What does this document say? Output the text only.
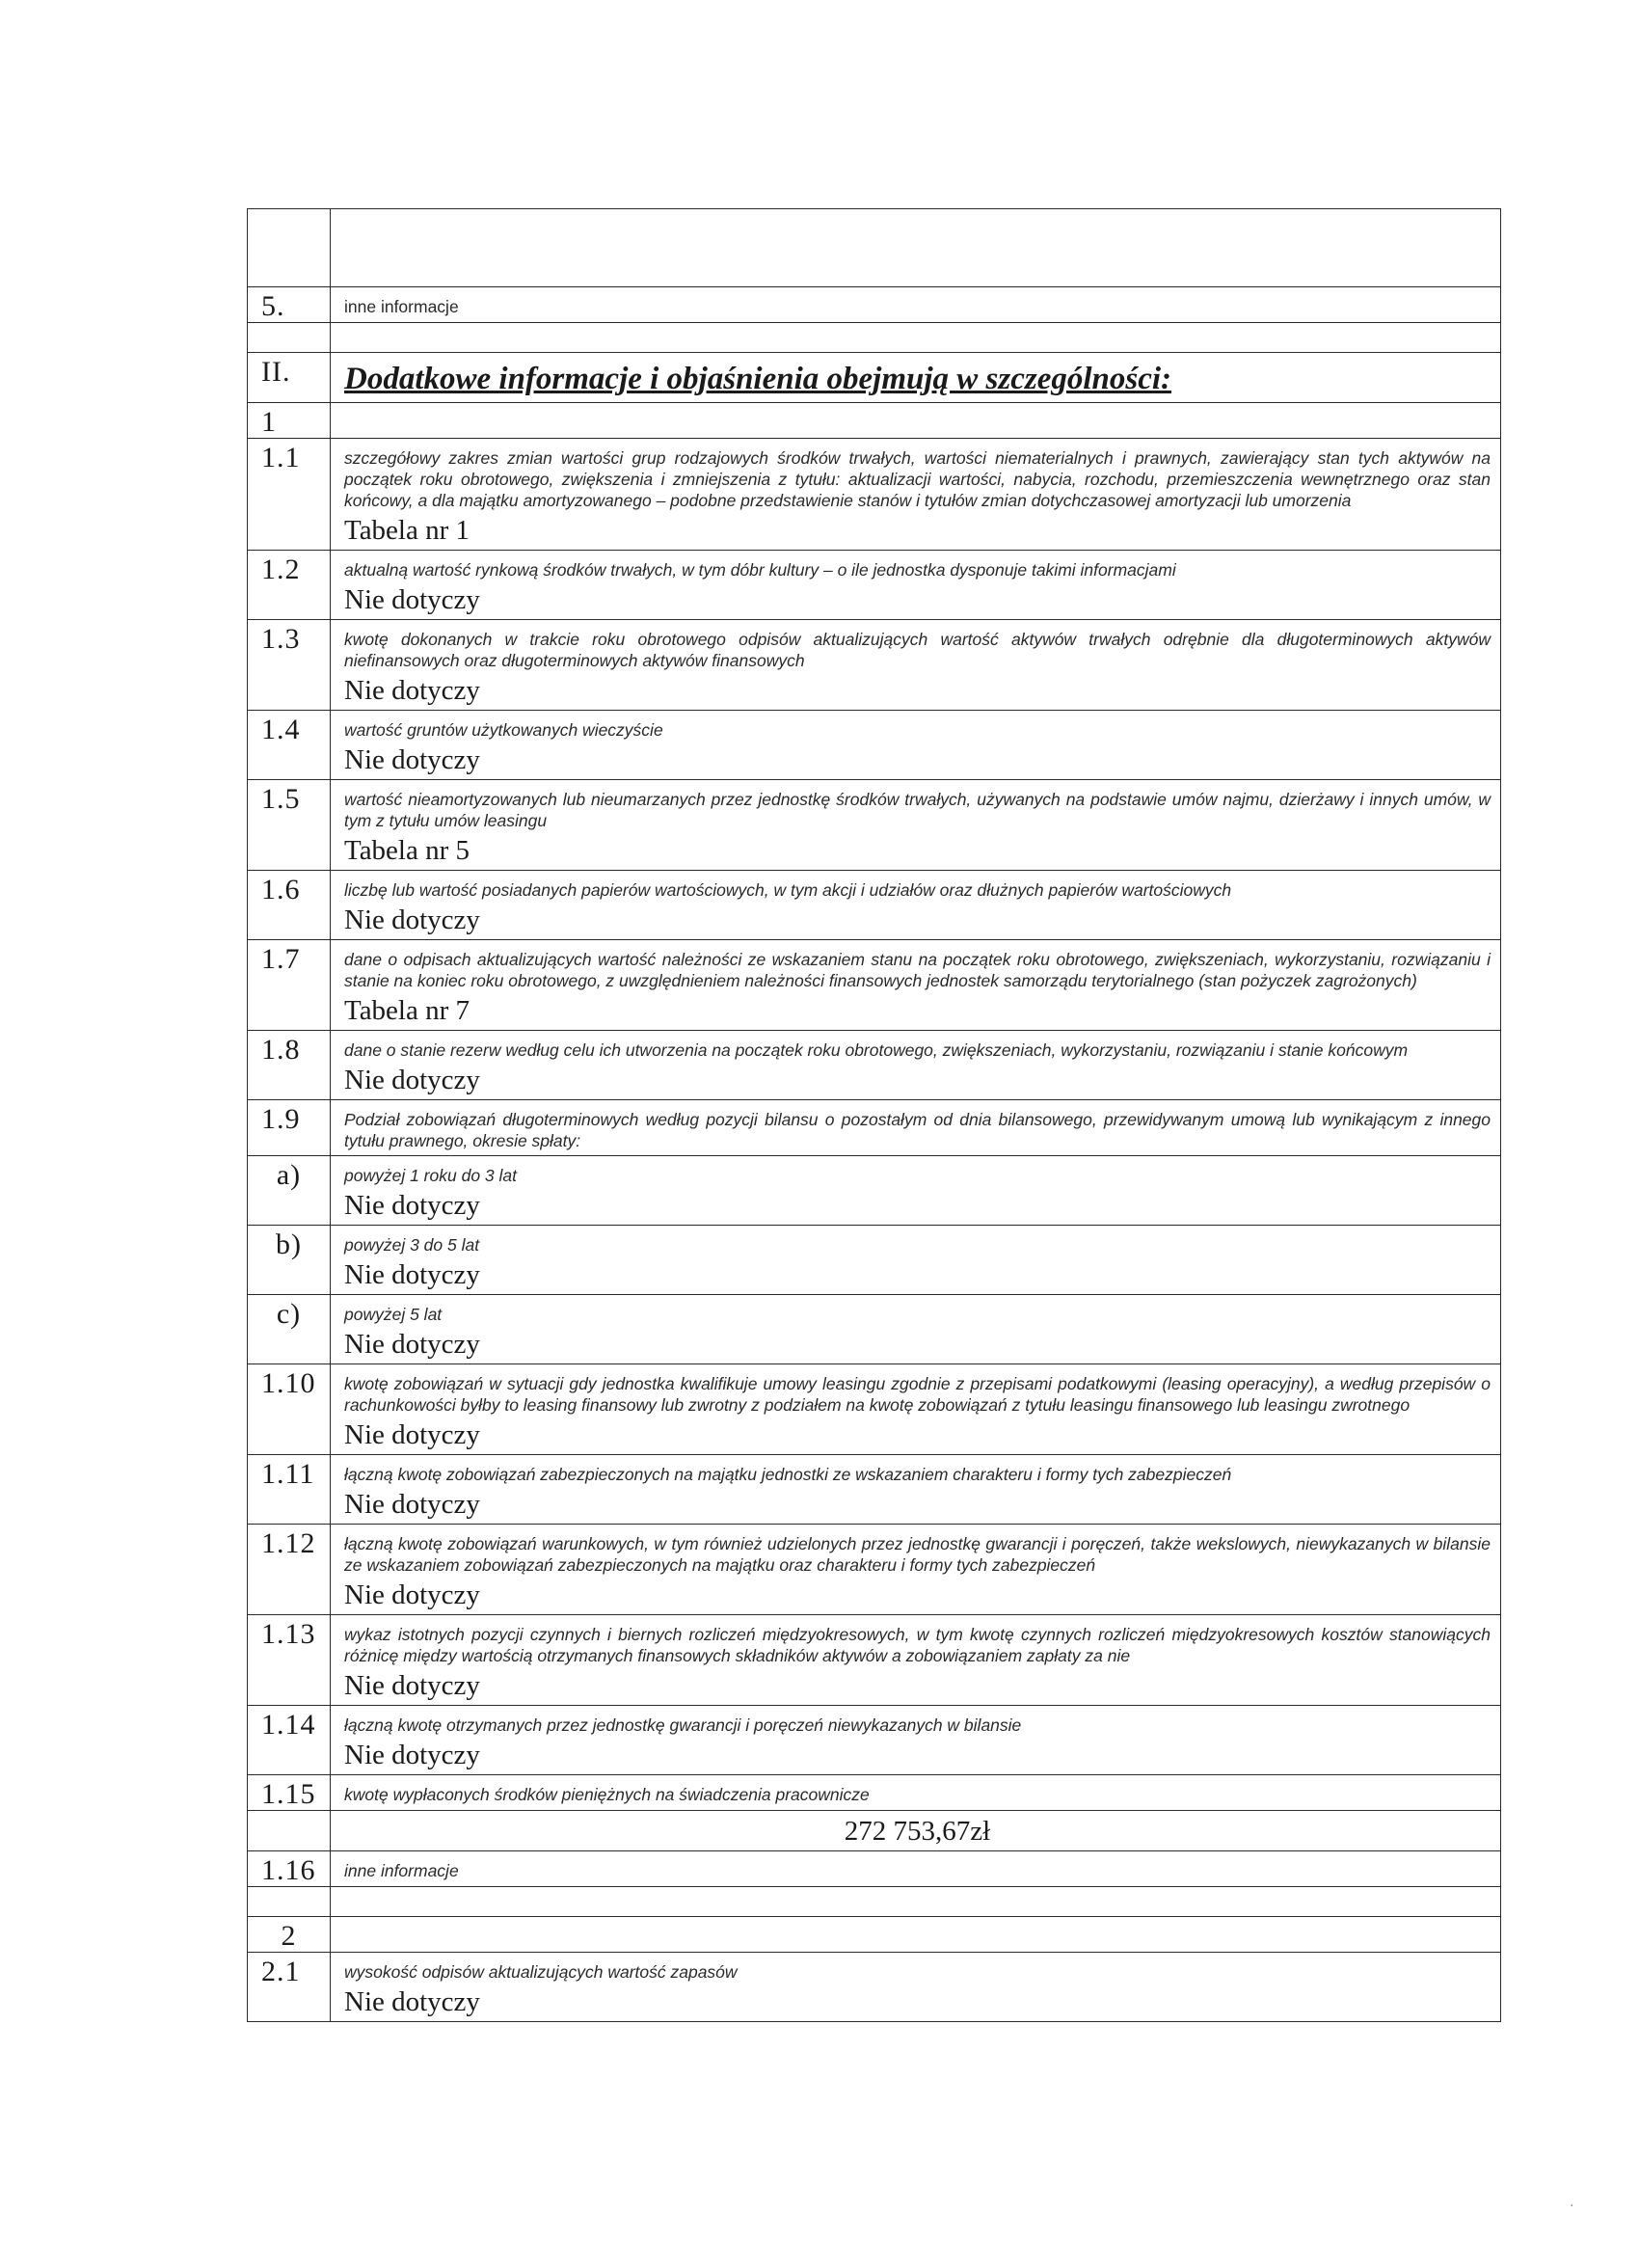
5.	inne informacje

II.	Dodatkowe informacje i objaśnienia obejmują w szczególności:

1	
1.1	szczegółowy zakres zmian wartości grup rodzajowych środków trwałych, wartości niematerialnych i prawnych, zawierający stan tych aktywów na początek roku obrotowego, zwiększenia i zmniejszenia z tytułu: aktualizacji wartości, nabycia, rozchodu, przemieszczenia wewnętrznego oraz stan końcowy, a dla majątku amortyzowanego – podobne przedstawienie stanów i tytułów zmian dotychczasowej amortyzacji lub umorzenia
Tabela nr 1

1.2	aktualną wartość rynkową środków trwałych, w tym dóbr kultury – o ile jednostka dysponuje takimi informacjami
Nie dotyczy

1.3	kwotę dokonanych w trakcie roku obrotowego odpisów aktualizujących wartość aktywów trwałych odrębnie dla długoterminowych aktywów niefinansowych oraz długoterminowych aktywów finansowych
Nie dotyczy

1.4	wartość gruntów użytkowanych wieczyście
Nie dotyczy

1.5	wartość nieamortyzowanych lub nieumarzanych przez jednostkę środków trwałych, używanych na podstawie umów najmu, dzierżawy i innych umów, w tym z tytułu umów leasingu
Tabela nr 5

1.6	liczbę lub wartość posiadanych papierów wartościowych, w tym akcji i udziałów oraz dłużnych papierów wartościowych
Nie dotyczy

1.7	dane o odpisach aktualizujących wartość należności ze wskazaniem stanu na początek roku obrotowego, zwiększeniach, wykorzystaniu, rozwiązaniu i stanie na koniec roku obrotowego, z uwzględnieniem należności finansowych jednostek samorządu terytorialnego (stan pożyczek zagrożonych)
Tabela nr 7

1.8	dane o stanie rezerw według celu ich utworzenia na początek roku obrotowego, zwiększeniach, wykorzystaniu, rozwiązaniu i stanie końcowym
Nie dotyczy

1.9	Podział zobowiązań długoterminowych według pozycji bilansu o pozostałym od dnia bilansowego, przewidywanym umową lub wynikającym z innego tytułu prawnego, okresie spłaty:

a)	powyżej 1 roku do 3 lat
Nie dotyczy

b)	powyżej 3 do 5 lat
Nie dotyczy

c)	powyżej 5 lat
Nie dotyczy

1.10	kwotę zobowiązań w sytuacji gdy jednostka kwalifikuje umowy leasingu zgodnie z przepisami podatkowymi (leasing operacyjny), a według przepisów o rachunkowości byłby to leasing finansowy lub zwrotny z podziałem na kwotę zobowiązań z tytułu leasingu finansowego lub leasingu zwrotnego
Nie dotyczy

1.11	łączną kwotę zobowiązań zabezpieczonych na majątku jednostki ze wskazaniem charakteru i formy tych zabezpieczeń
Nie dotyczy

1.12	łączną kwotę zobowiązań warunkowych, w tym również udzielonych przez jednostkę gwarancji i poręczeń, także wekslowych, niewykazanych w bilansie ze wskazaniem zobowiązań zabezpieczonych na majątku oraz charakteru i formy tych zabezpieczeń
Nie dotyczy

1.13	wykaz istotnych pozycji czynnych i biernych rozliczeń międzyokresowych, w tym kwotę czynnych rozliczeń międzyokresowych kosztów stanowiących różnicę między wartością otrzymanych finansowych składników aktywów a zobowiązaniem zapłaty za nie
Nie dotyczy

1.14	łączną kwotę otrzymanych przez jednostkę gwarancji i poręczeń niewykazanych w bilansie
Nie dotyczy

1.15	kwotę wypłaconych środków pieniężnych na świadczenia pracownicze

	272 753,67zł

1.16	inne informacje

2	
2.1	wysokość odpisów aktualizujących wartość zapasów
Nie dotyczy
·
